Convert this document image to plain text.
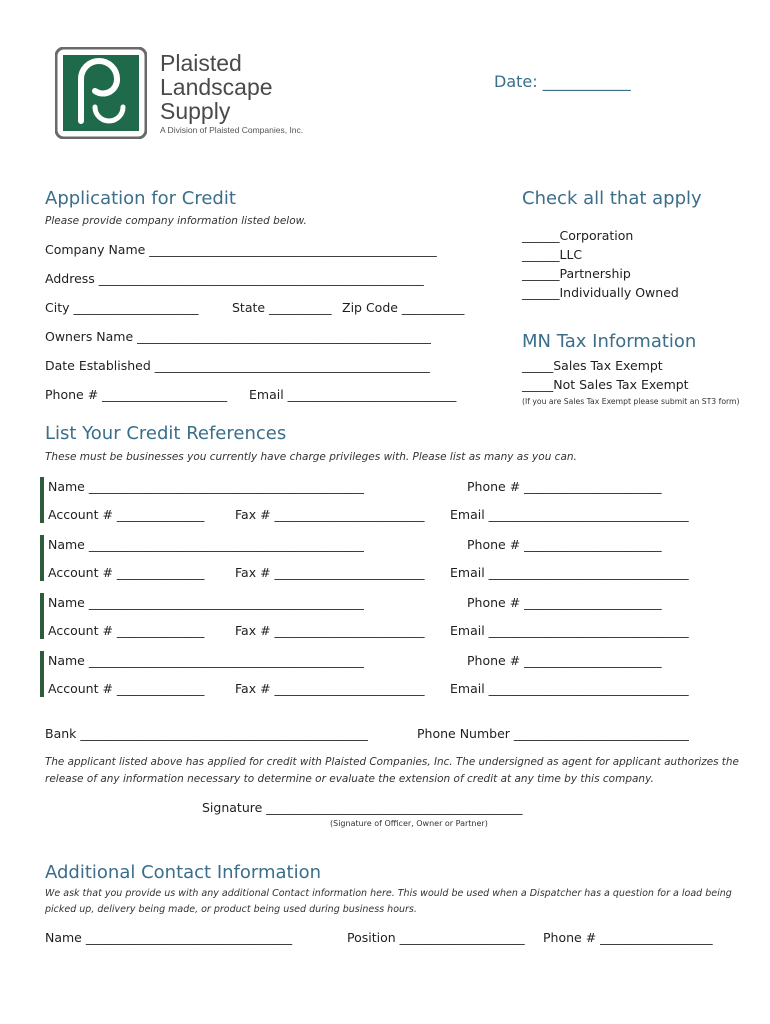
Plaisted
Landscape
Supply
A Division of Plaisted Companies, Inc.
Date: ___________
Application for Credit
Please provide company information listed below.
Company Name ______________________________________________
Address ____________________________________________________
City ____________________	State __________ Zip Code __________
Owners Name _______________________________________________
Date Established ____________________________________________
Phone # ____________________ Email ___________________________
Check all that apply
______Corporation
______LLC
______Partnership
______Individually Owned
MN Tax Information
_____Sales Tax Exempt
_____Not Sales Tax Exempt
(If you are Sales Tax Exempt please submit an ST3 form)
List Your Credit References
These must be businesses you currently have charge privileges with. Please list as many as you can.
Name ____________________________________________	Phone # ______________________
Account # ______________ Fax # ________________________ Email ________________________________
Name ____________________________________________	Phone # ______________________
Account # ______________ Fax # ________________________ Email ________________________________
Name ____________________________________________	Phone # ______________________
Account # ______________ Fax # ________________________ Email ________________________________
Name ____________________________________________	Phone # ______________________
Account # ______________ Fax # ________________________ Email ________________________________
Bank ______________________________________________	Phone Number ____________________________
The applicant listed above has applied for credit with Plaisted Companies, Inc. The undersigned as agent for applicant authorizes the
release of any information necessary to determine or evaluate the extension of credit at any time by this company.
Signature _________________________________________
(Signature of Officer, Owner or Partner)
Additional Contact Information
We ask that you provide us with any additional Contact information here. This would be used when a Dispatcher has a question for a load being
picked up, delivery being made, or product being used during business hours.
Name _________________________________	Position ____________________ Phone # __________________
